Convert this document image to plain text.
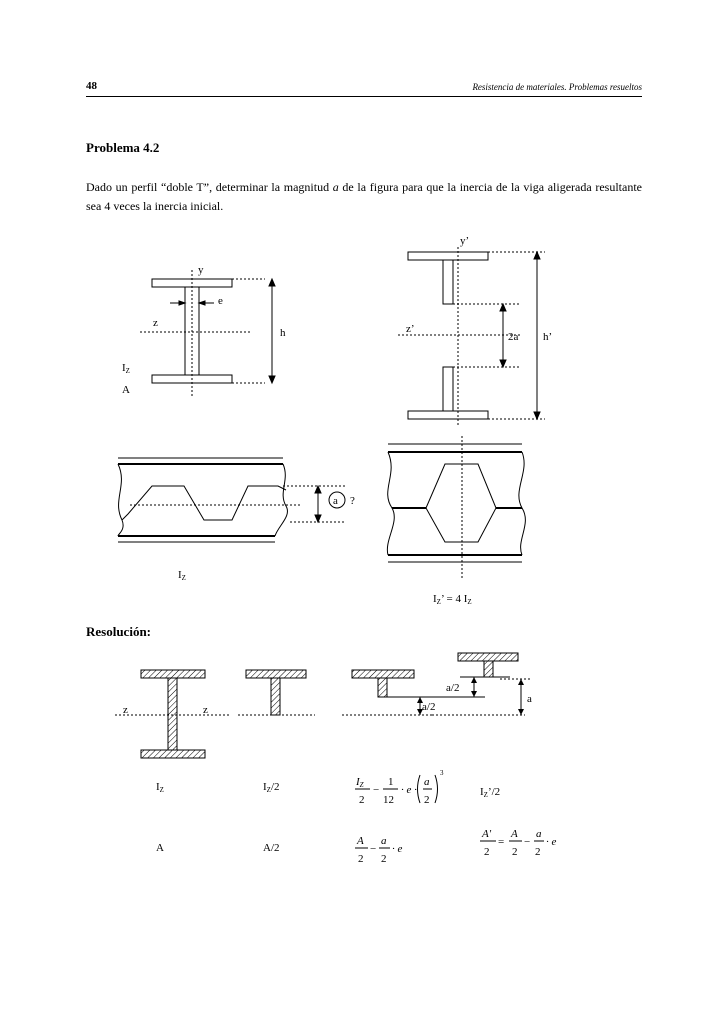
48	Resistencia de materiales. Problemas resueltos
Problema 4.2
Dado un perfil “doble T”, determinar la magnitud a de la figura para que la inercia de la viga aligerada resultante sea 4 veces la inercia inicial.
y
e
z
h
IZ
A
y’
z’
2a h’
a ?
IZ
IZ’ = 4 IZ
Resolución:
z	z
a/2
a/2
a
IZ	IZ/2	IZ
2
−
1
12
· e ·
a
2
3
IZ’/2
A	A/2
A
2
−
a
2
· e
A'
2
=
A
2
−
a
2
· e
